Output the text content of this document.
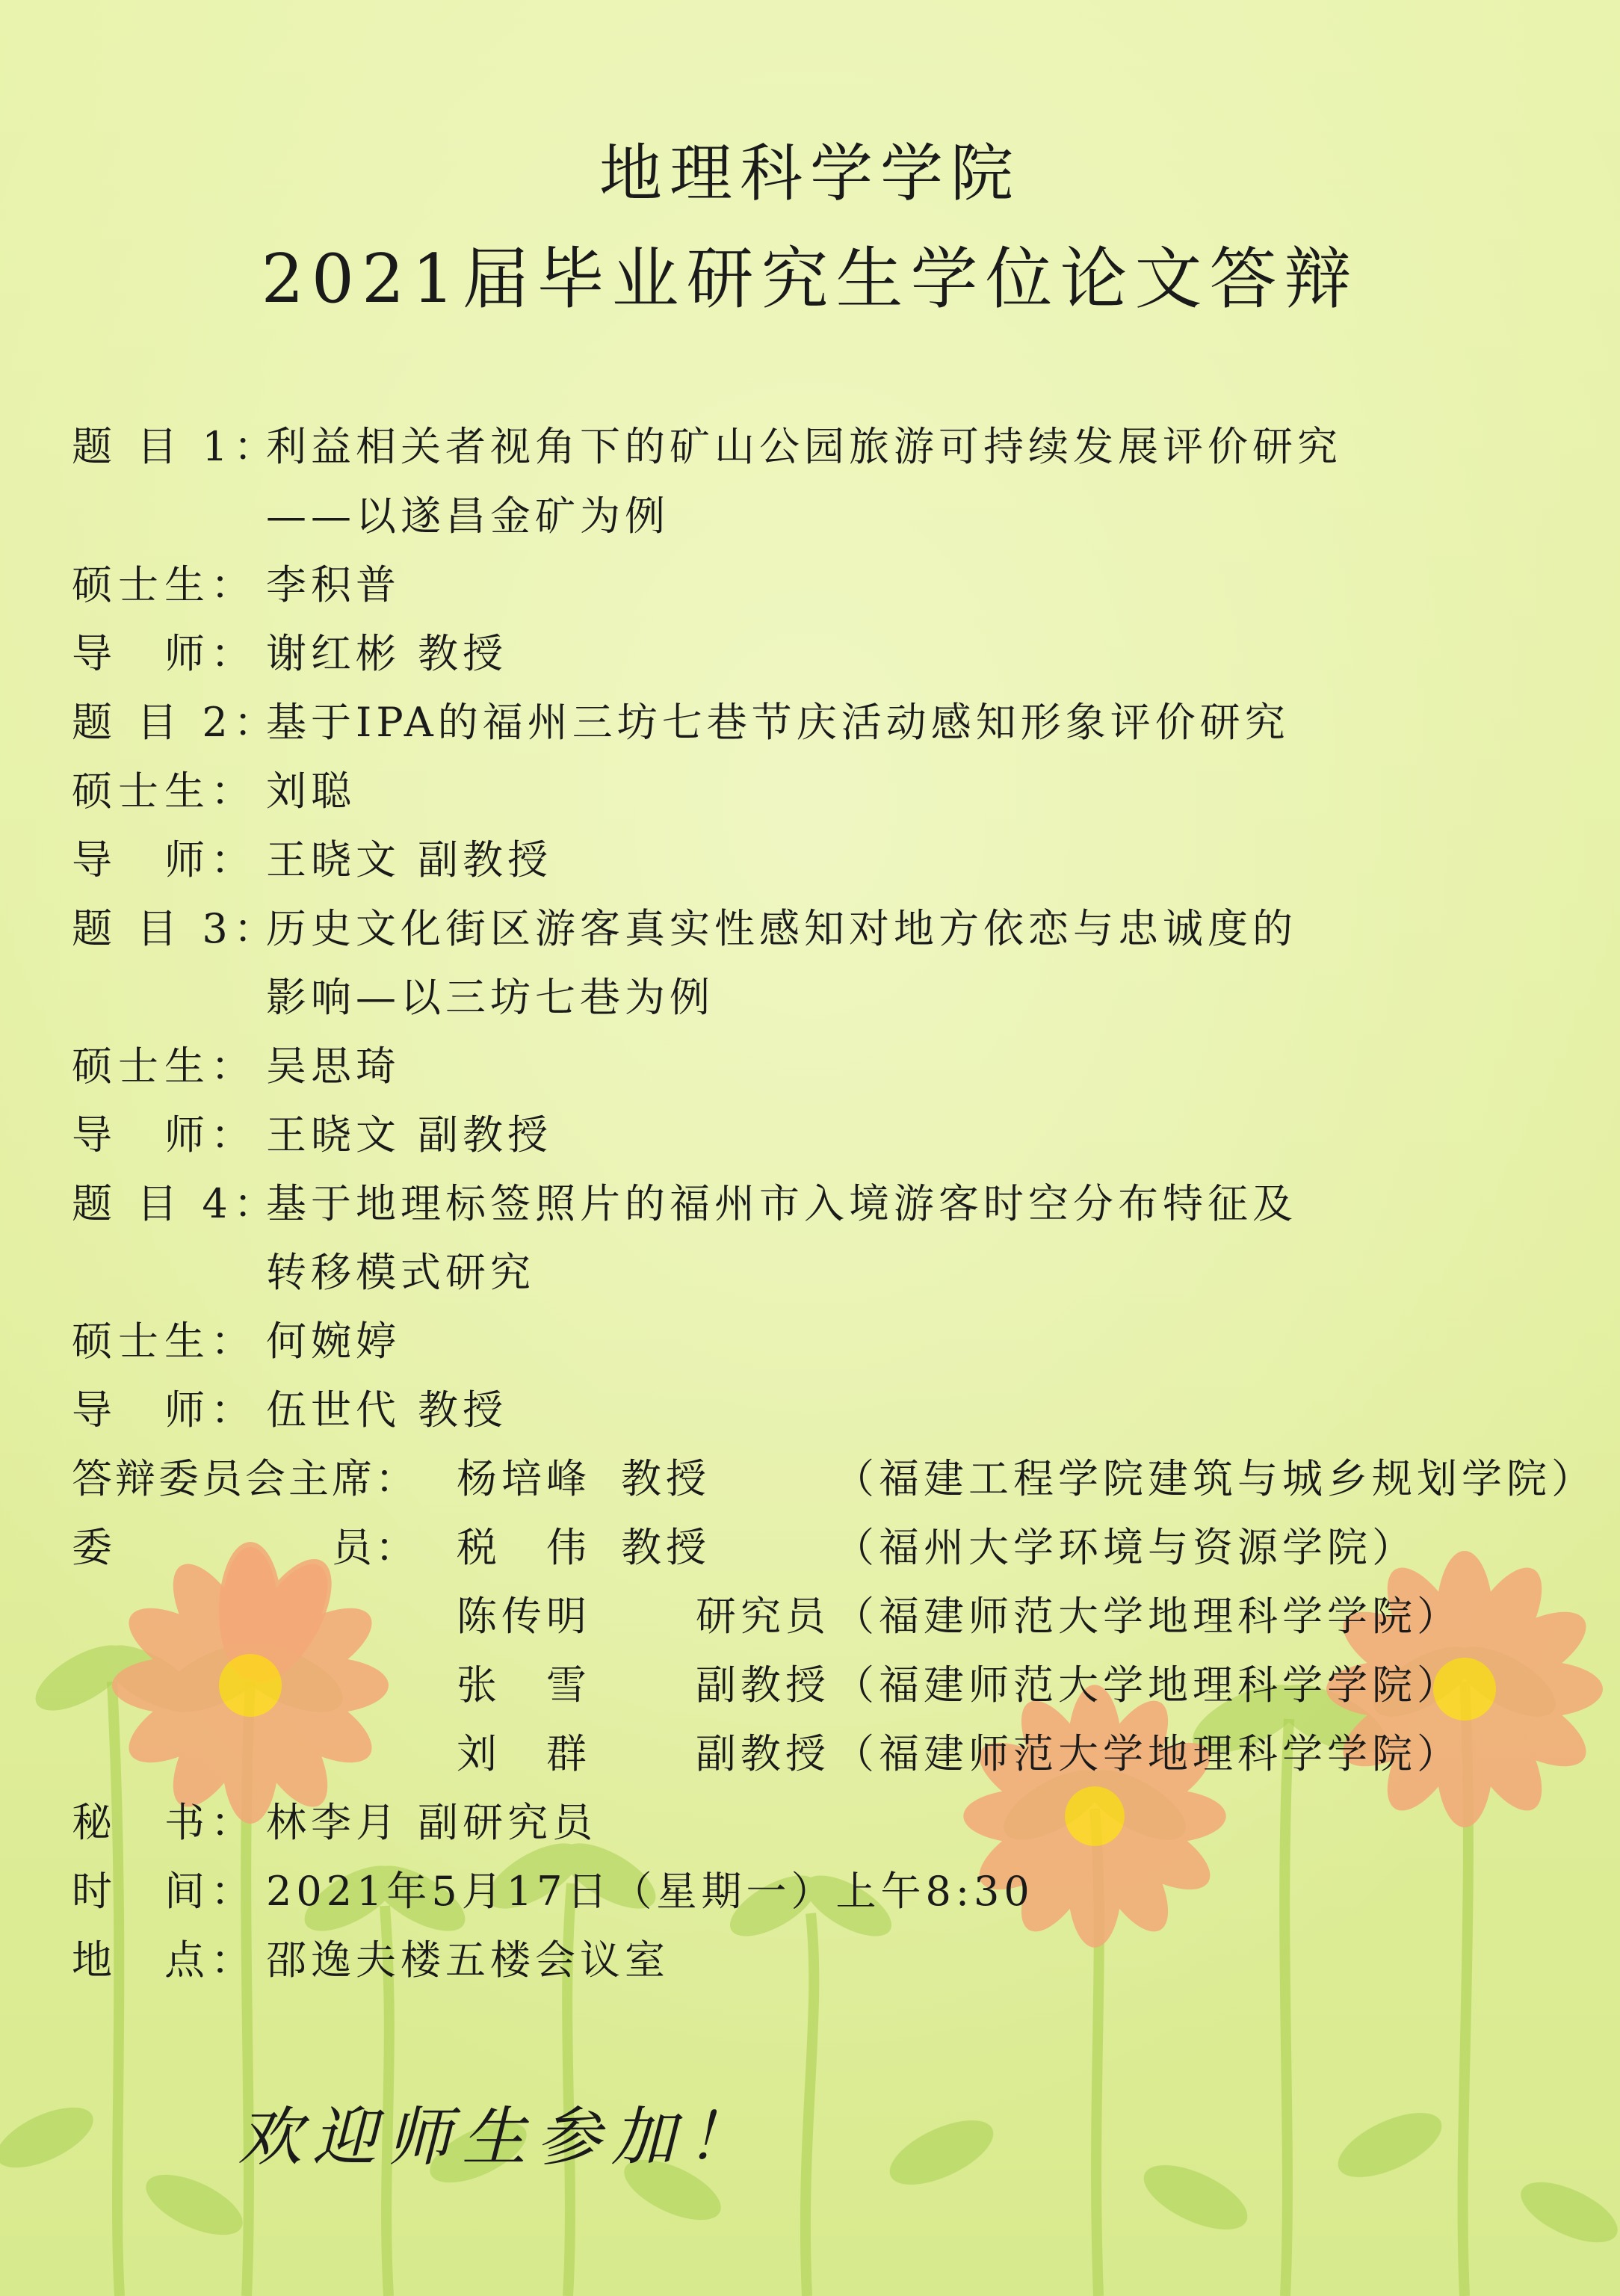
地理科学学院
2021届毕业研究生学位论文答辩
题 目 1：
利益相关者视角下的矿山公园旅游可持续发展评价研究
——以遂昌金矿为例
硕士生： 李积普
导　师： 谢红彬 教授
题 目 2：
基于IPA的福州三坊七巷节庆活动感知形象评价研究
硕士生： 刘聪
导　师： 王晓文 副教授
题 目 3：
历史文化街区游客真实性感知对地方依恋与忠诚度的
影响—以三坊七巷为例
硕士生： 吴思琦
导　师： 王晓文 副教授
题 目 4：
基于地理标签照片的福州市入境游客时空分布特征及
转移模式研究
硕士生： 何婉婷
导　师： 伍世代 教授
答辩委员会主席： 杨培峰 教授	（福建工程学院建筑与城乡规划学院）
委　　　　　员： 税　伟 教授	（福州大学环境与资源学院）
陈传明	研究员 （福建师范大学地理科学学院）
张　雪	副教授 （福建师范大学地理科学学院）
刘　群	副教授 （福建师范大学地理科学学院）
秘　书： 林李月 副研究员
时　间： 2021年5月17日（星期一）上午8:30
地　点： 邵逸夫楼五楼会议室
欢迎师生参加！
